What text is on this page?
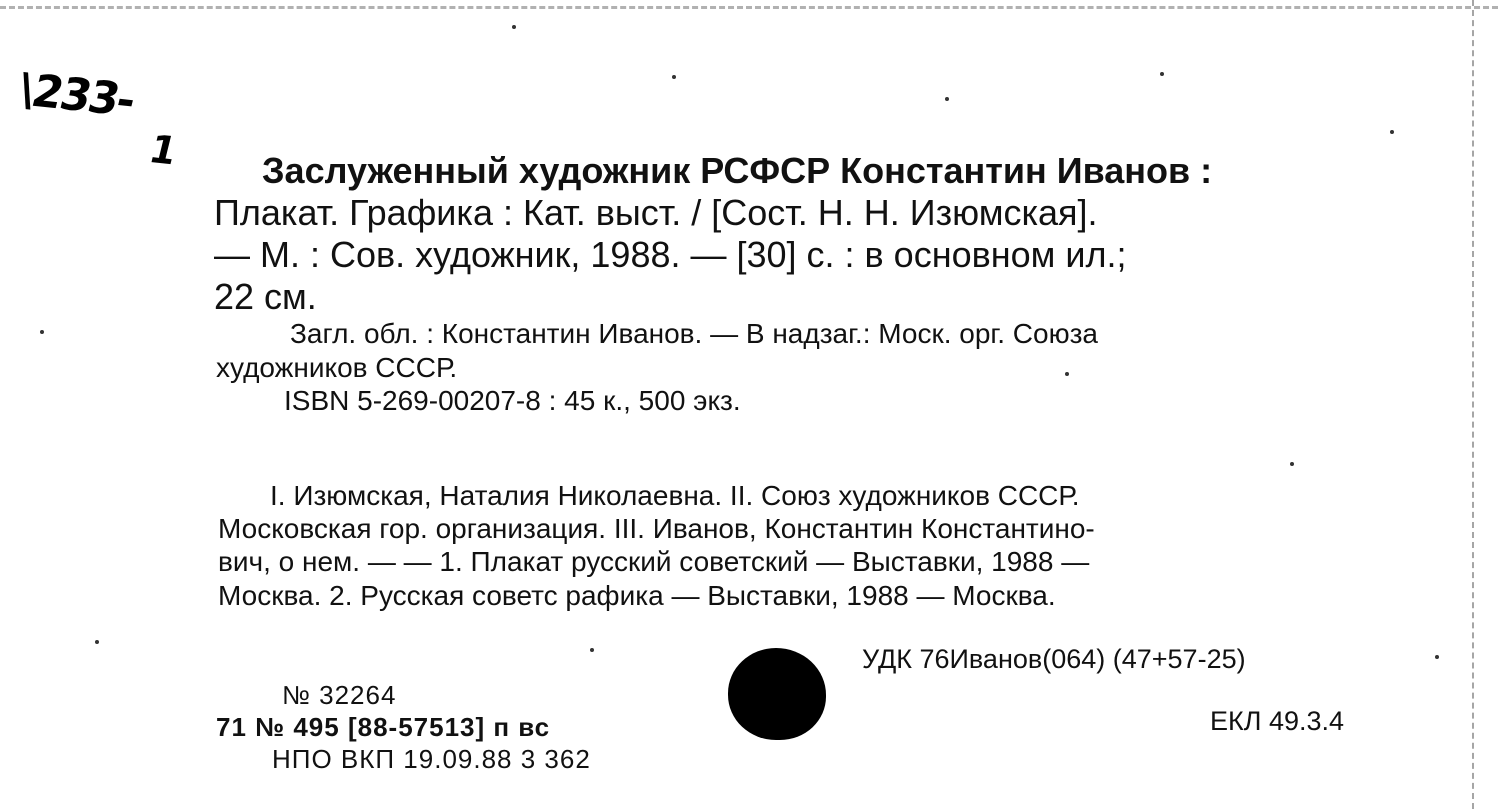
\233-
1 Заслуженный художник РСФСР Константин Иванов :
Плакат. Графика : Кат. выст. / [Сост. Н. Н. Изюмская].
— М. : Сов. художник, 1988. — [30] с. : в основном ил.;
22 см.
Загл. обл. : Константин Иванов. — В надзаг.: Моск. орг. Союза
художников СССР.
ISBN 5-269-00207-8 : 45 к., 500 экз.
I. Изюмская, Наталия Николаевна. II. Союз художников СССР.
Московская гор. организация. III. Иванов, Константин Константино-
вич, о нем. — — 1. Плакат русский советский — Выставки, 1988 —
Москва. 2. Русская советс рафика — Выставки, 1988 — Москва.
УДК 76Иванов(064) (47+57-25)
ЕКЛ 49.3.4
№ 32264
71 № 495 [88-57513] п вс
НПО ВКП 19.09.88 3 362
